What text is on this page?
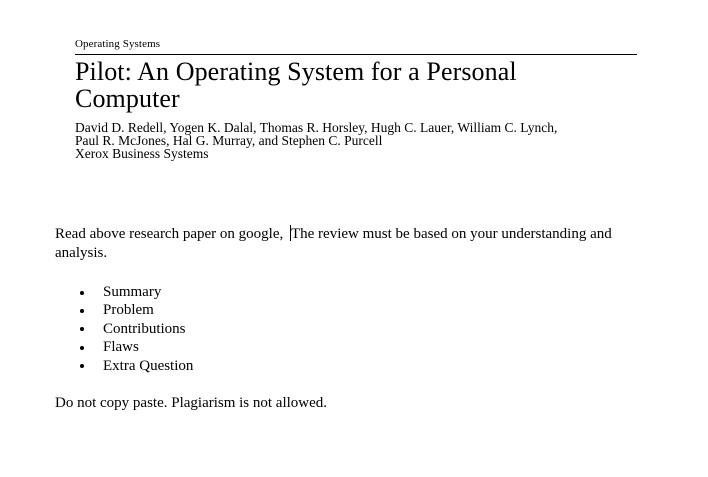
Operating Systems

Pilot: An Operating System for a Personal
Computer

David D. Redell, Yogen K. Dalal, Thomas R. Horsley, Hugh C. Lauer, William C. Lynch,
Paul R. McJones, Hal G. Murray, and Stephen C. Purcell

Xerox Business Systems

Read above research paper on google, The review must be based on your understanding and analysis.

Summary
Problem
Contributions
Flaws
Extra Question

Do not copy paste. Plagiarism is not allowed.
